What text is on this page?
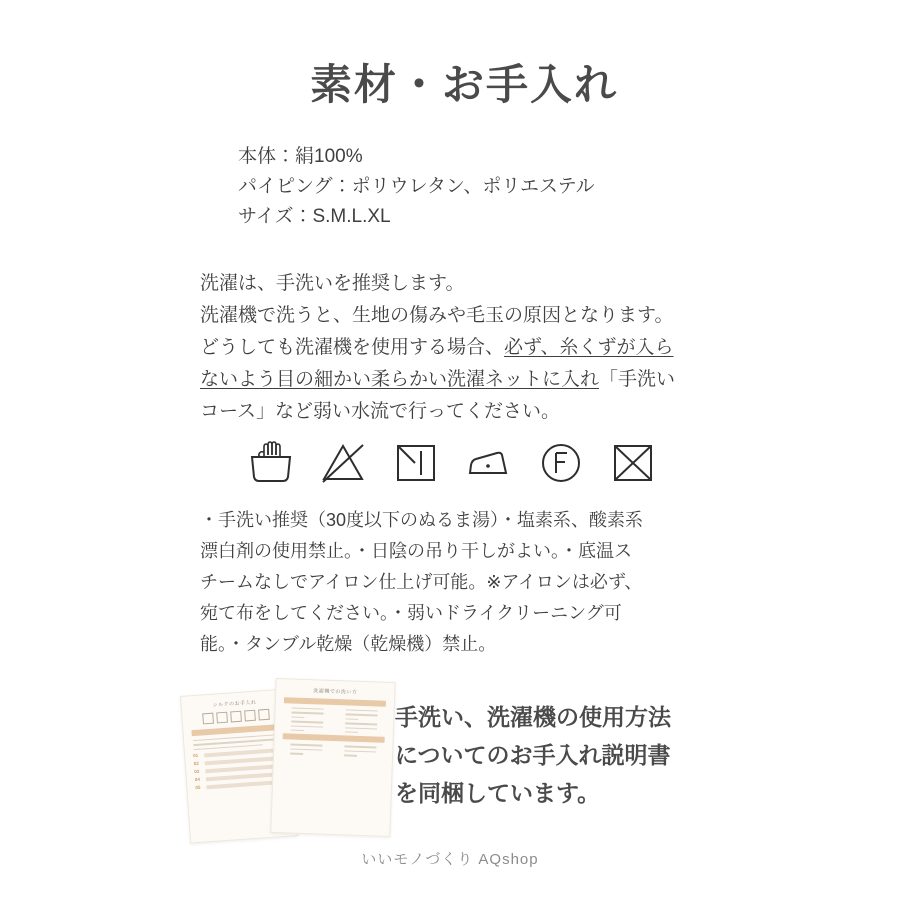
素材・お手入れ
本体：絹100%
パイピング：ポリウレタン、ポリエステル
サイズ：S.M.L.XL
洗濯は、手洗いを推奨します。
洗濯機で洗うと、生地の傷みや毛玉の原因となります。
どうしても洗濯機を使用する場合、必ず、糸くずが入ら
ないよう目の細かい柔らかい洗濯ネットに入れ「手洗い
コース」など弱い水流で行ってください。
・手洗い推奨（30度以下のぬるま湯）・塩素系、酸素系
漂白剤の使用禁止。・日陰の吊り干しがよい。・底温ス
チームなしでアイロン仕上げ可能。※アイロンは必ず、
宛て布をしてください。・弱いドライクリーニング可
能。・タンブル乾燥（乾燥機）禁止。
シルクのお手入れ
01
02
03
04
05
洗濯機での洗い方
手洗い、洗濯機の使用方法
についてのお手入れ説明書
を同梱しています。
いいモノづくり AQshop
